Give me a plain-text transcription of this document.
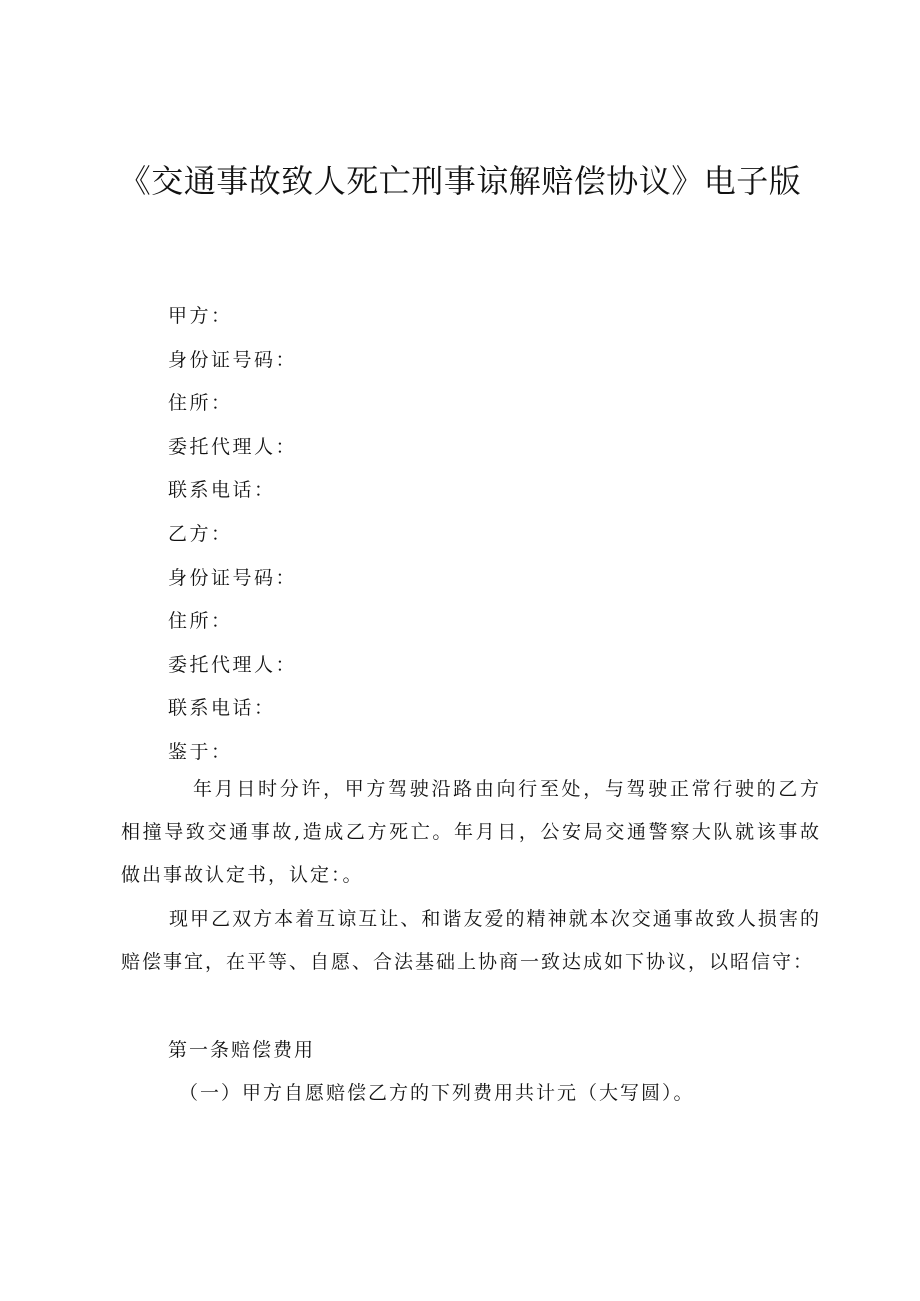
《交通事故致人死亡刑事谅解赔偿协议》电子版
甲方：
身份证号码：
住所：
委托代理人：
联系电话：
乙方：
身份证号码：
住所：
委托代理人：
联系电话：
鉴于：

年月日时分许，甲方驾驶沿路由向行至处，与驾驶正常行驶的乙方相撞导致交通事故,造成乙方死亡。年月日，公安局交通警察大队就该事故做出事故认定书，认定：。

现甲乙双方本着互谅互让、和谐友爱的精神就本次交通事故致人损害的赔偿事宜，在平等、自愿、合法基础上协商一致达成如下协议，以昭信守：

第一条赔偿费用

（一）甲方自愿赔偿乙方的下列费用共计元（大写圆）。
